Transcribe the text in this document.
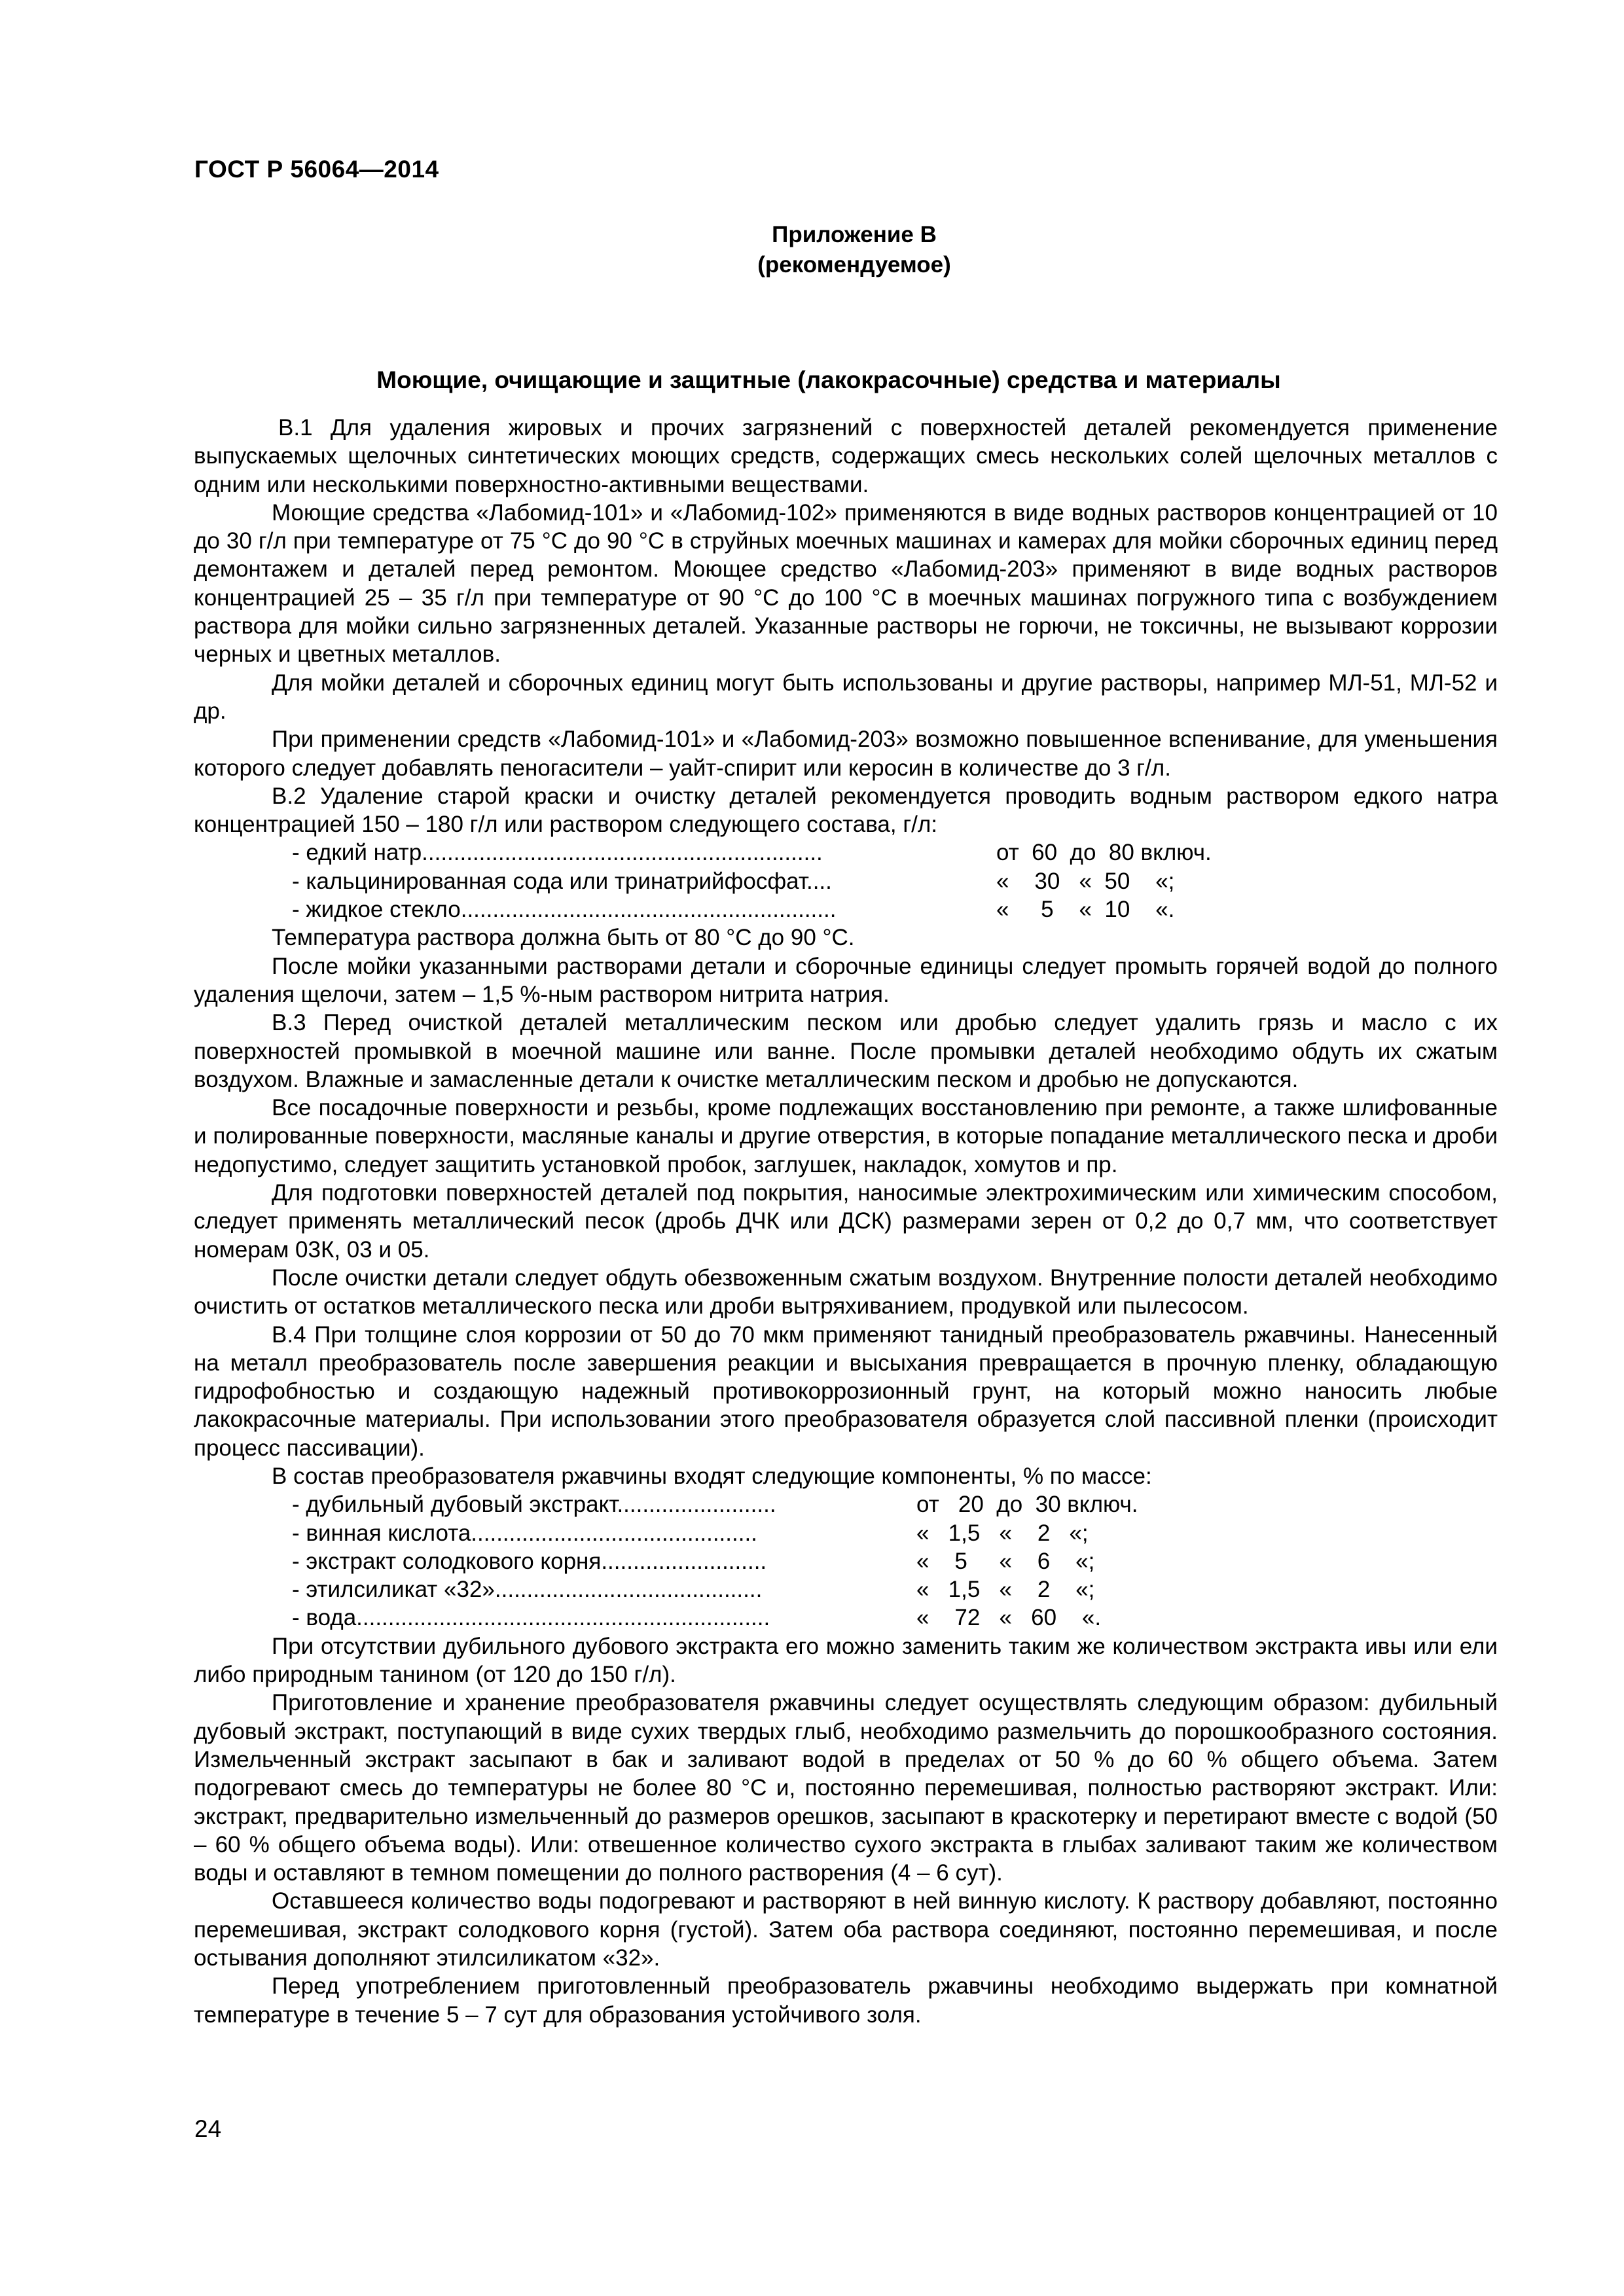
ГОСТ Р 56064—2014
Приложение В
(рекомендуемое)
Моющие, очищающие и защитные (лакокрасочные) средства и материалы

В.1 Для удаления жировых и прочих загрязнений с поверхностей деталей рекомендуется применение выпускаемых щелочных синтетических моющих средств, содержащих смесь нескольких солей щелочных металлов с одним или несколькими поверхностно-активными веществами.

Моющие средства «Лабомид-101» и «Лабомид-102» применяются в виде водных растворов концентрацией от 10 до 30 г/л при температуре от 75 °С до 90 °С в струйных моечных машинах и камерах для мойки сборочных единиц перед демонтажем и деталей перед ремонтом. Моющее средство «Лабомид-203» применяют в виде водных растворов концентрацией 25 – 35 г/л при температуре от 90 °С до 100 °С в моечных машинах погружного типа с возбуждением раствора для мойки сильно загрязненных деталей. Указанные растворы не горючи, не токсичны, не вызывают коррозии черных и цветных металлов.

Для мойки деталей и сборочных единиц могут быть использованы и другие растворы, например МЛ-51, МЛ-52 и др.

При применении средств «Лабомид-101» и «Лабомид-203» возможно повышенное вспенивание, для уменьшения которого следует добавлять пеногасители – уайт-спирит или керосин в количестве до 3 г/л.

В.2 Удаление старой краски и очистку деталей рекомендуется проводить водным раствором едкого натра концентрацией 150 – 180 г/л или раствором следующего состава, г/л:

- едкий натр...............................................................	от  60  до  80 включ.
- кальцинированная сода или тринатрийфосфат....	«    30   «  50    «;
- жидкое стекло...........................................................	«     5    «  10    «.

Температура раствора должна быть от 80 °С до 90 °С.

После мойки указанными растворами детали и сборочные единицы следует промыть горячей водой до полного удаления щелочи, затем – 1,5 %-ным раствором нитрита натрия.

В.3 Перед очисткой деталей металлическим песком или дробью следует удалить грязь и масло с их поверхностей промывкой в моечной машине или ванне. После промывки деталей необходимо обдуть их сжатым воздухом. Влажные и замасленные детали к очистке металлическим песком и дробью не допускаются.

Все посадочные поверхности и резьбы, кроме подлежащих восстановлению при ремонте, а также шлифованные и полированные поверхности, масляные каналы и другие отверстия, в которые попадание металлического песка и дроби недопустимо, следует защитить установкой пробок, заглушек, накладок, хомутов и пр.

Для подготовки поверхностей деталей под покрытия, наносимые электрохимическим или химическим способом, следует применять металлический песок (дробь ДЧК или ДСК) размерами зерен от 0,2 до 0,7 мм, что соответствует номерам 03К, 03 и 05.

После очистки детали следует обдуть обезвоженным сжатым воздухом. Внутренние полости деталей необходимо очистить от остатков металлического песка или дроби вытряхиванием, продувкой или пылесосом.

В.4 При толщине слоя коррозии от 50 до 70 мкм применяют танидный преобразователь ржавчины. Нанесенный на металл преобразователь после завершения реакции и высыхания превращается в прочную пленку, обладающую гидрофобностью и создающую надежный противокоррозионный грунт, на который можно наносить любые лакокрасочные материалы. При использовании этого преобразователя образуется слой пассивной пленки (происходит процесс пассивации).

В состав преобразователя ржавчины входят следующие компоненты, % по массе:

- дубильный дубовый экстракт.........................	от   20  до  30 включ.
- винная кислота.............................................	«   1,5   «    2   «;
- экстракт солодкового корня..........................	«    5     «    6    «;
- этилсиликат «32»..........................................	«   1,5   «    2    «;
- вода.................................................................	«    72   «   60    «.

При отсутствии дубильного дубового экстракта его можно заменить таким же количеством экстракта ивы или ели либо природным танином (от 120 до 150 г/л).

Приготовление и хранение преобразователя ржавчины следует осуществлять следующим образом: дубильный дубовый экстракт, поступающий в виде сухих твердых глыб, необходимо размельчить до порошкообразного состояния. Измельченный экстракт засыпают в бак и заливают водой в пределах от 50 % до 60 % общего объема. Затем подогревают смесь до температуры не более 80 °С и, постоянно перемешивая, полностью растворяют экстракт. Или: экстракт, предварительно измельченный до размеров орешков, засыпают в краскотерку и перетирают вместе с водой (50 – 60 % общего объема воды). Или: отвешенное количество сухого экстракта в глыбах заливают таким же количеством воды и оставляют в темном помещении до полного растворения (4 – 6 сут).

Оставшееся количество воды подогревают и растворяют в ней винную кислоту. К раствору добавляют, постоянно перемешивая, экстракт солодкового корня (густой). Затем оба раствора соединяют, постоянно перемешивая, и после остывания дополняют этилсиликатом «32».

Перед употреблением приготовленный преобразователь ржавчины необходимо выдержать при комнатной температуре в течение 5 – 7 сут для образования устойчивого золя.

24
